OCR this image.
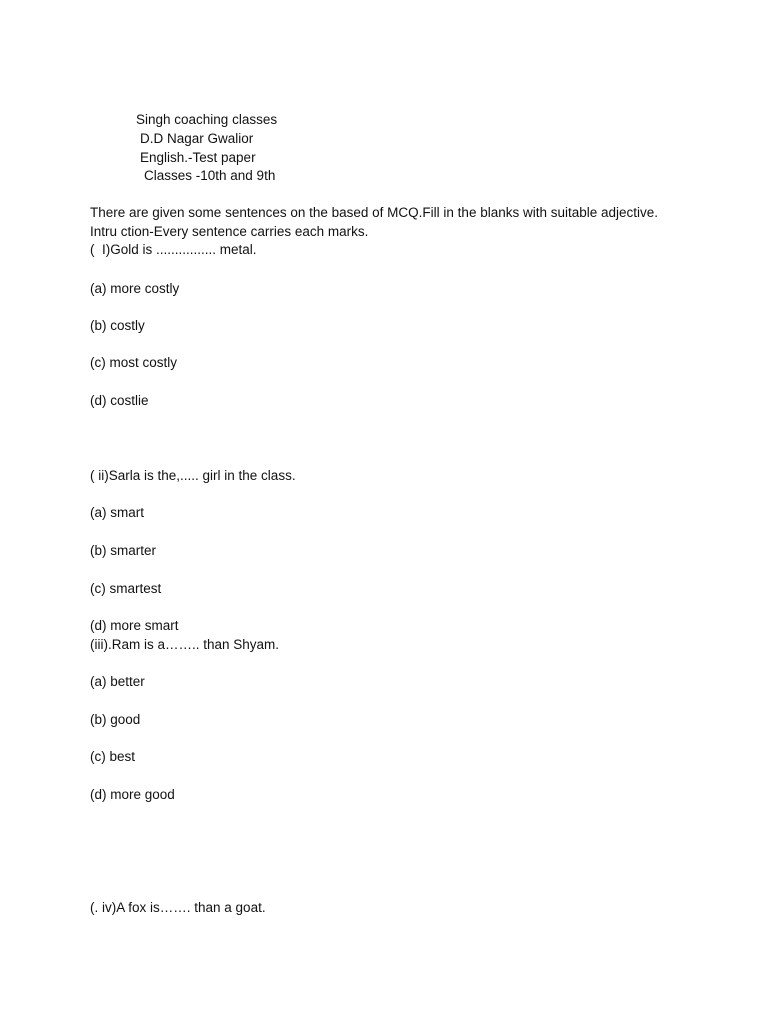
Singh coaching classes
D.D Nagar Gwalior
English.-Test paper
Classes -10th and 9th
There are given some sentences on the based of MCQ.Fill in the blanks with suitable adjective.
Intru ction-Every sentence carries each marks.
(  I)Gold is ................ metal.
(a) more costly
(b) costly
(c) most costly
(d) costlie
( ii)Sarla is the,..... girl in the class.
(a) smart
(b) smarter
(c) smartest
(d) more smart
(iii).Ram is a…….. than Shyam.
(a) better
(b) good
(c) best
(d) more good
(. iv)A fox is……. than a goat.
